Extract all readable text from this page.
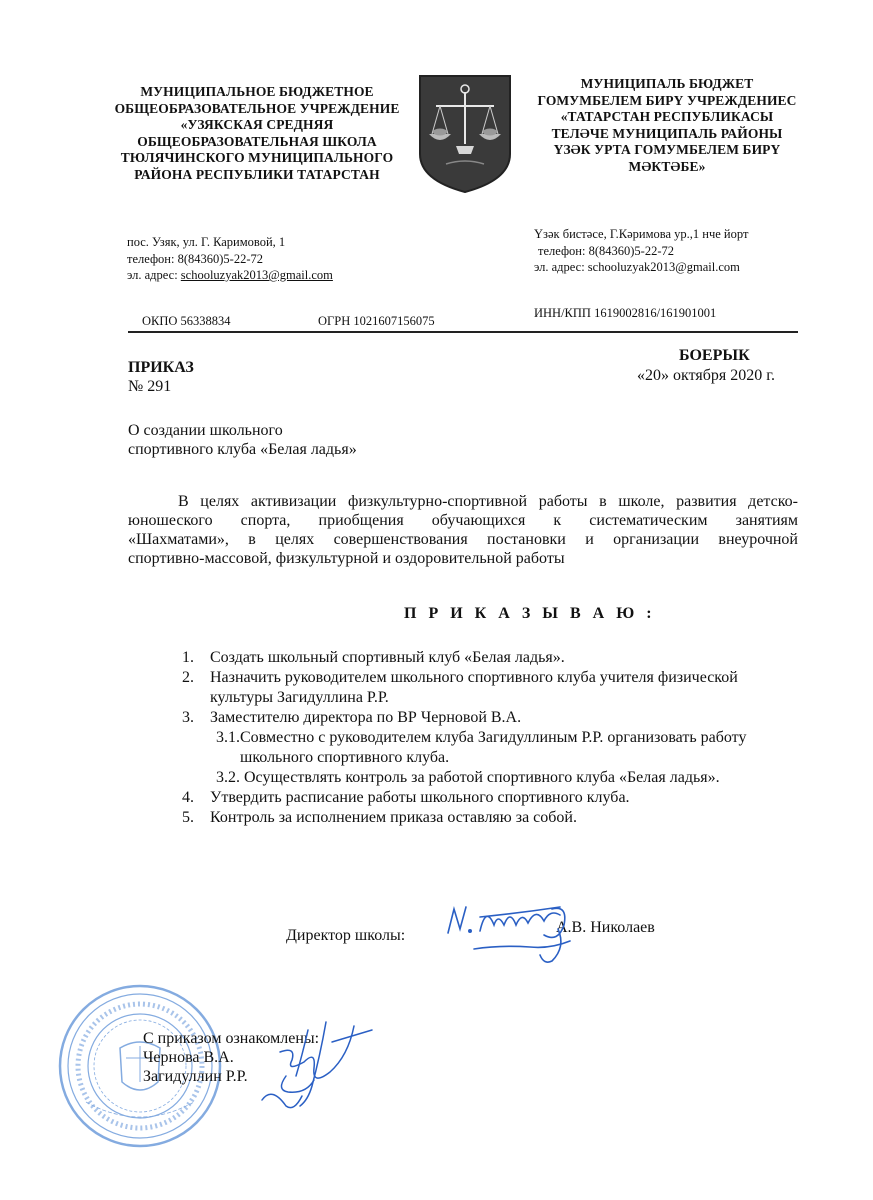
МУНИЦИПАЛЬНОЕ БЮДЖЕТНОЕ
ОБЩЕОБРАЗОВАТЕЛЬНОЕ УЧРЕЖДЕНИЕ
«УЗЯКСКАЯ СРЕДНЯЯ
ОБЩЕОБРАЗОВАТЕЛЬНАЯ ШКОЛА
ТЮЛЯЧИНСКОГО МУНИЦИПАЛЬНОГО
РАЙОНА РЕСПУБЛИКИ ТАТАРСТАН
МУНИЦИПАЛЬ БЮДЖЕТ
ГОМУМБЕЛЕМ БИРҮ УЧРЕЖДЕНИЕС
«ТАТАРСТАН РЕСПУБЛИКАСЫ
ТЕЛӘЧЕ МУНИЦИПАЛЬ РАЙОНЫ
ҮЗӘК УРТА ГОМУМБЕЛЕМ БИРҮ
МӘКТӘБЕ»
пос. Узяк, ул. Г. Каримовой, 1
телефон: 8(84360)5-22-72
эл. адрес: schooluzyak2013@gmail.com
Үзәк бистәсе, Г.Кәримова ур.,1 нче йорт
телефон: 8(84360)5-22-72
эл. адрес: schooluzyak2013@gmail.com
ОКПО 56338834	ОГРН 1021607156075
ИНН/КПП 1619002816/161901001
ПРИКАЗ
№ 291
БОЕРЫК
«20» октября 2020 г.
О создании школьного
спортивного клуба «Белая ладья»
В целях активизации физкультурно-спортивной работы в школе, развития детско-
юношеского спорта, приобщения обучающихся к систематическим занятиям
«Шахматами», в целях совершенствования постановки и организации внеурочной
спортивно-массовой, физкультурной и оздоровительной работы
П Р И К А З Ы В А Ю :
1. Создать школьный спортивный клуб «Белая ладья».
2. Назначить руководителем школьного спортивного клуба учителя физической
культуры Загидуллина Р.Р.
3. Заместителю директора по ВР Черновой В.А.
3.1.Совместно с руководителем клуба Загидуллиным Р.Р. организовать работу
школьного спортивного клуба.
3.2. Осуществлять контроль за работой спортивного клуба «Белая ладья».
4. Утвердить расписание работы школьного спортивного клуба.
5. Контроль за исполнением приказа оставляю за собой.
Директор школы:	А.В. Николаев
С приказом ознакомлены:
Чернова В.А.
Загидуллин Р.Р.
